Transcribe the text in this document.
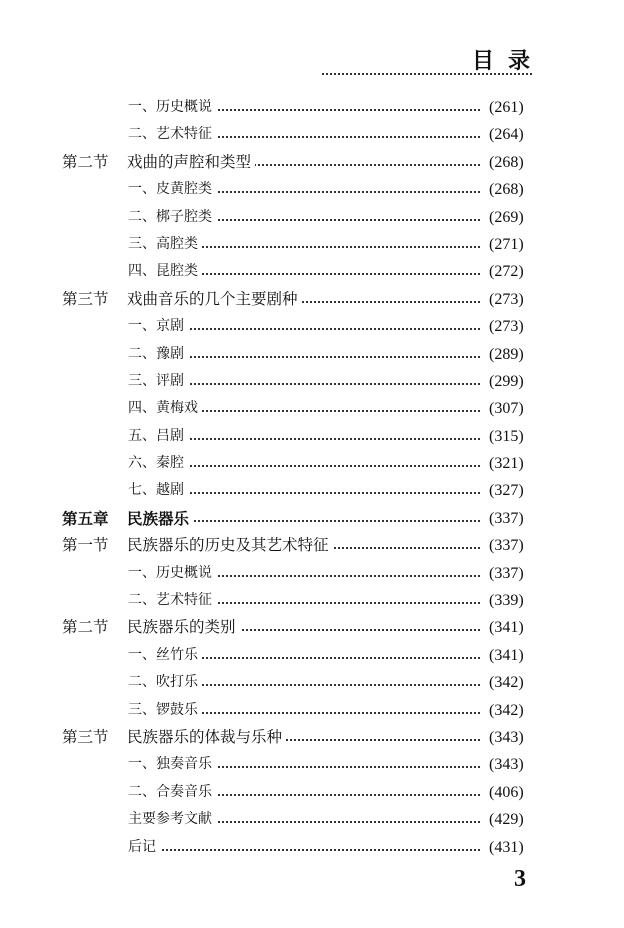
目录
一、历史概说	(261)
二、艺术特征	(264)
第二节	戏曲的声腔和类型	(268)
一、皮黄腔类	(268)
二、梆子腔类	(269)
三、高腔类	(271)
四、昆腔类	(272)
第三节	戏曲音乐的几个主要剧种	(273)
一、京剧	(273)
二、豫剧	(289)
三、评剧	(299)
四、黄梅戏	(307)
五、吕剧	(315)
六、秦腔	(321)
七、越剧	(327)
第五章	民族器乐	(337)
第一节	民族器乐的历史及其艺术特征	(337)
一、历史概说	(337)
二、艺术特征	(339)
第二节	民族器乐的类别	(341)
一、丝竹乐	(341)
二、吹打乐	(342)
三、锣鼓乐	(342)
第三节	民族器乐的体裁与乐种	(343)
一、独奏音乐	(343)
二、合奏音乐	(406)
主要参考文献	(429)
后记	(431)
3
